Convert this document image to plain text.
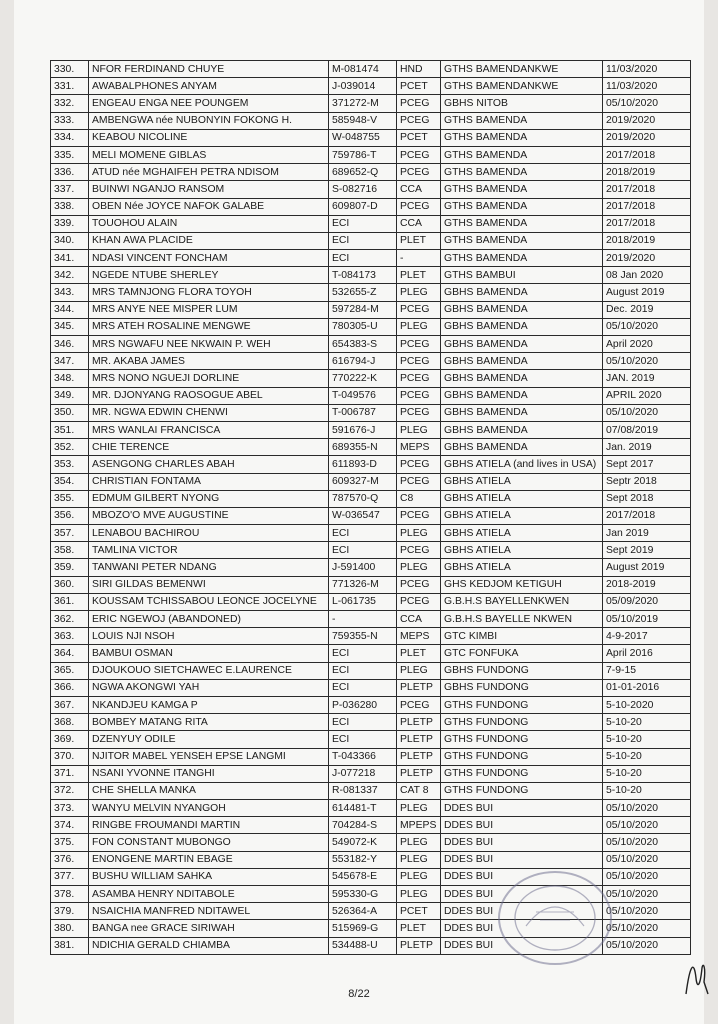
330.	NFOR FERDINAND CHUYE	M-081474	HND	GTHS BAMENDANKWE	11/03/2020
331.	AWABALPHONES ANYAM	J-039014	PCET	GTHS BAMENDANKWE	11/03/2020
332.	ENGEAU ENGA NEE POUNGEM	371272-M	PCEG	GBHS NITOB	05/10/2020
333.	AMBENGWA née NUBONYIN FOKONG H.	585948-V	PCEG	GTHS BAMENDA	2019/2020
334.	KEABOU NICOLINE	W-048755	PCET	GTHS BAMENDA	2019/2020
335.	MELI MOMENE GIBLAS	759786-T	PCEG	GTHS BAMENDA	2017/2018
336.	ATUD née MGHAIFEH PETRA NDISOM	689652-Q	PCEG	GTHS BAMENDA	2018/2019
337.	BUINWI NGANJO RANSOM	S-082716	CCA	GTHS BAMENDA	2017/2018
338.	OBEN Née JOYCE NAFOK GALABE	609807-D	PCEG	GTHS BAMENDA	2017/2018
339.	TOUOHOU ALAIN	ECI	CCA	GTHS BAMENDA	2017/2018
340.	KHAN AWA PLACIDE	ECI	PLET	GTHS BAMENDA	2018/2019
341.	NDASI VINCENT FONCHAM	ECI	-	GTHS BAMENDA	2019/2020
342.	NGEDE NTUBE SHERLEY	T-084173	PLET	GTHS BAMBUI	08 Jan 2020
343.	MRS TAMNJONG FLORA TOYOH	532655-Z	PLEG	GBHS BAMENDA	August 2019
344.	MRS ANYE NEE MISPER LUM	597284-M	PCEG	GBHS BAMENDA	Dec. 2019
345.	MRS ATEH ROSALINE MENGWE	780305-U	PLEG	GBHS BAMENDA	05/10/2020
346.	MRS NGWAFU NEE NKWAIN P. WEH	654383-S	PCEG	GBHS BAMENDA	April 2020
347.	MR. AKABA JAMES	616794-J	PCEG	GBHS BAMENDA	05/10/2020
348.	MRS NONO NGUEJI DORLINE	770222-K	PCEG	GBHS BAMENDA	JAN. 2019
349.	MR. DJONYANG RAOSOGUE ABEL	T-049576	PCEG	GBHS BAMENDA	APRIL 2020
350.	MR. NGWA EDWIN CHENWI	T-006787	PCEG	GBHS BAMENDA	05/10/2020
351.	MRS WANLAI FRANCISCA	591676-J	PLEG	GBHS BAMENDA	07/08/2019
352.	CHIE TERENCE	689355-N	MEPS	GBHS BAMENDA	Jan. 2019
353.	ASENGONG CHARLES ABAH	611893-D	PCEG	GBHS ATIELA (and lives in USA)	Sept 2017
354.	CHRISTIAN FONTAMA	609327-M	PCEG	GBHS ATIELA	Septr 2018
355.	EDMUM GILBERT NYONG	787570-Q	C8	GBHS ATIELA	Sept 2018
356.	MBOZO'O MVE AUGUSTINE	W-036547	PCEG	GBHS ATIELA	2017/2018
357.	LENABOU BACHIROU	ECI	PLEG	GBHS ATIELA	Jan 2019
358.	TAMLINA VICTOR	ECI	PCEG	GBHS ATIELA	Sept 2019
359.	TANWANI PETER NDANG	J-591400	PLEG	GBHS ATIELA	August 2019
360.	SIRI GILDAS BEMENWI	771326-M	PCEG	GHS KEDJOM KETIGUH	2018-2019
361.	KOUSSAM TCHISSABOU LEONCE JOCELYNE	L-061735	PCEG	G.B.H.S BAYELLENKWEN	05/09/2020
362.	ERIC NGEWOJ (ABANDONED)	-	CCA	G.B.H.S BAYELLE NKWEN	05/10/2019
363.	LOUIS NJI NSOH	759355-N	MEPS	GTC KIMBI	4-9-2017
364.	BAMBUI OSMAN	ECI	PLET	GTC FONFUKA	April 2016
365.	DJOUKOUO SIETCHAWEC E.LAURENCE	ECI	PLEG	GBHS FUNDONG	7-9-15
366.	NGWA AKONGWI YAH	ECI	PLETP	GBHS FUNDONG	01-01-2016
367.	NKANDJEU KAMGA P	P-036280	PCEG	GTHS FUNDONG	5-10-2020
368.	BOMBEY MATANG RITA	ECI	PLETP	GTHS FUNDONG	5-10-20
369.	DZENYUY ODILE	ECI	PLETP	GTHS FUNDONG	5-10-20
370.	NJITOR MABEL YENSEH EPSE LANGMI	T-043366	PLETP	GTHS FUNDONG	5-10-20
371.	NSANI YVONNE ITANGHI	J-077218	PLETP	GTHS FUNDONG	5-10-20
372.	CHE SHELLA MANKA	R-081337	CAT 8	GTHS FUNDONG	5-10-20
373.	WANYU MELVIN NYANGOH	614481-T	PLEG	DDES BUI	05/10/2020
374.	RINGBE FROUMANDI MARTIN	704284-S	MPEPS	DDES BUI	05/10/2020
375.	FON CONSTANT MUBONGO	549072-K	PLEG	DDES BUI	05/10/2020
376.	ENONGENE MARTIN EBAGE	553182-Y	PLEG	DDES BUI	05/10/2020
377.	BUSHU WILLIAM SAHKA	545678-E	PLEG	DDES BUI	05/10/2020
378.	ASAMBA HENRY NDITABOLE	595330-G	PLEG	DDES BUI	05/10/2020
379.	NSAICHIA MANFRED NDITAWEL	526364-A	PCET	DDES BUI	05/10/2020
380.	BANGA nee GRACE SIRIWAH	515969-G	PLET	DDES BUI	05/10/2020
381.	NDICHIA GERALD CHIAMBA	534488-U	PLETP	DDES BUI	05/10/2020
8/22
